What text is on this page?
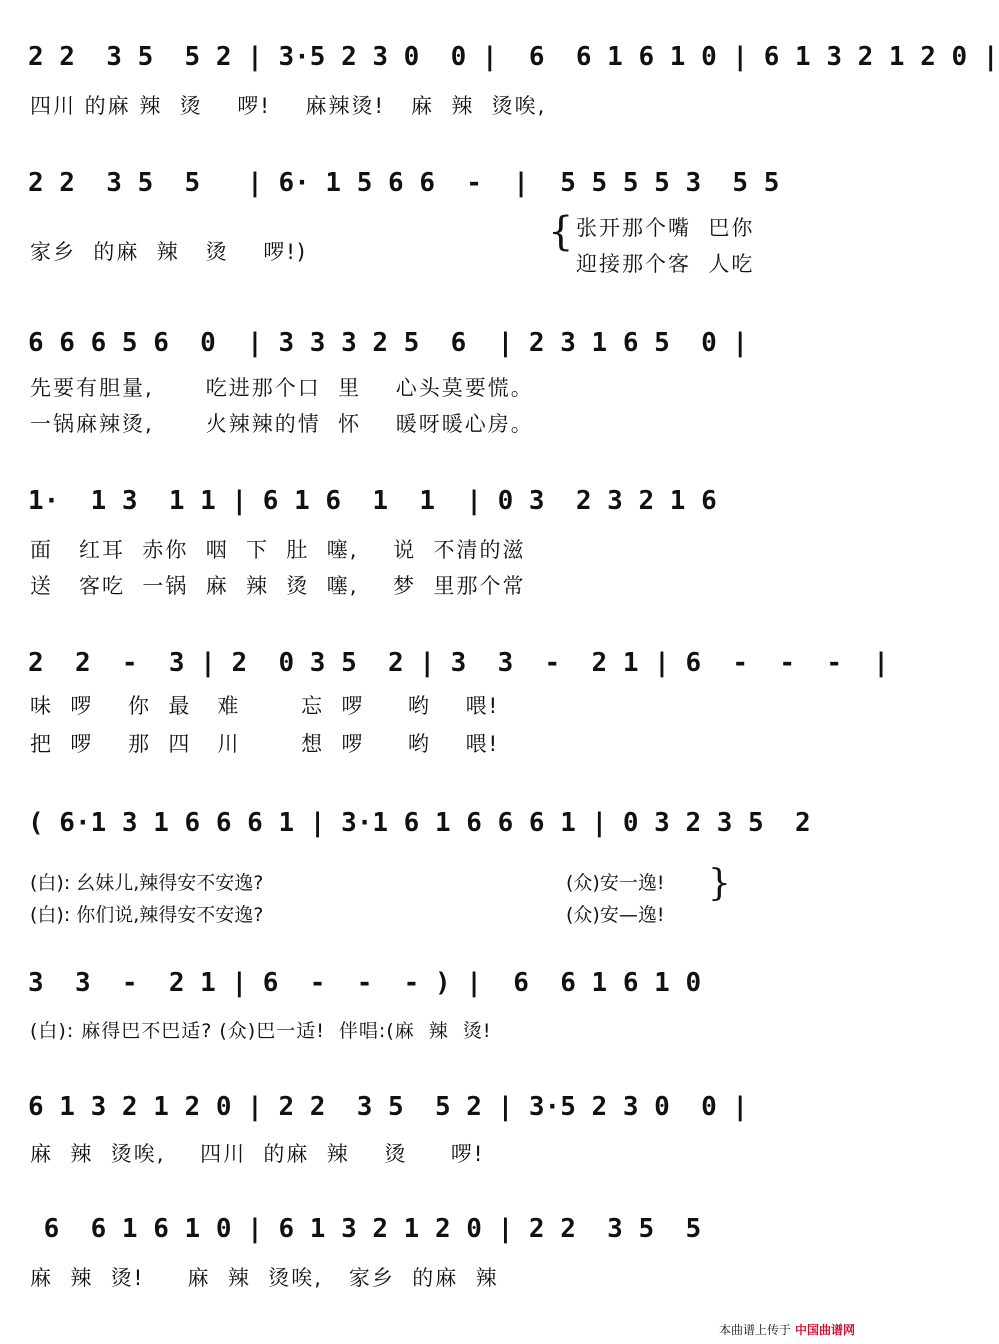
2 2  3 5  5 2 | 3·5 2 3 0  0 |  6  6 1 6 1 0 | 6 1 3 2 1 2 0 |
四川 的麻 辣  烫    啰!    麻辣烫!   麻  辣  烫唉,
2 2  3 5  5   | 6· 1 5 6 6  -  |  5 5 5 5 3  5 5
家乡  的麻  辣   烫    啰!)	{ 张开那个嘴  巴你
迎接那个客  人吃
6 6 6 5 6  0  | 3 3 3 2 5  6  | 2 3 1 6 5  0 |
先要有胆量,      吃进那个口  里    心头莫要慌。
一锅麻辣烫,      火辣辣的情  怀    暖呀暖心房。
1·  1 3  1 1 | 6 1 6  1  1  | 0 3  2 3 2 1 6
面   红耳  赤你  咽  下  肚  噻,    说  不清的滋
送   客吃  一锅  麻  辣  烫  噻,    梦  里那个常
2  2  -  3 | 2  0 3 5  2 | 3  3  -  2 1 | 6  -  -  -  |
味  啰    你  最   难       忘  啰     哟    喂!
把  啰    那  四   川       想  啰     哟    喂!
( 6·1 3 1 6 6 6 1 | 3·1 6 1 6 6 6 1 | 0 3 2 3 5  2
(白): 幺妹儿,辣得安不安逸?
(白): 你们说,辣得安不安逸?
(众)安一逸!
(众)安—逸!
}
3  3  -  2 1 | 6  -  -  - ) |  6  6 1 6 1 0
(白): 麻得巴不巴适? (众)巴一适!  伴唱:(麻  辣  烫!
6 1 3 2 1 2 0 | 2 2  3 5  5 2 | 3·5 2 3 0  0 |
麻  辣  烫唉,    四川  的麻  辣    烫     啰!
6  6 1 6 1 0 | 6 1 3 2 1 2 0 | 2 2  3 5  5
麻  辣  烫!     麻  辣  烫唉,   家乡  的麻  辣
本曲谱上传于 中国曲谱网
